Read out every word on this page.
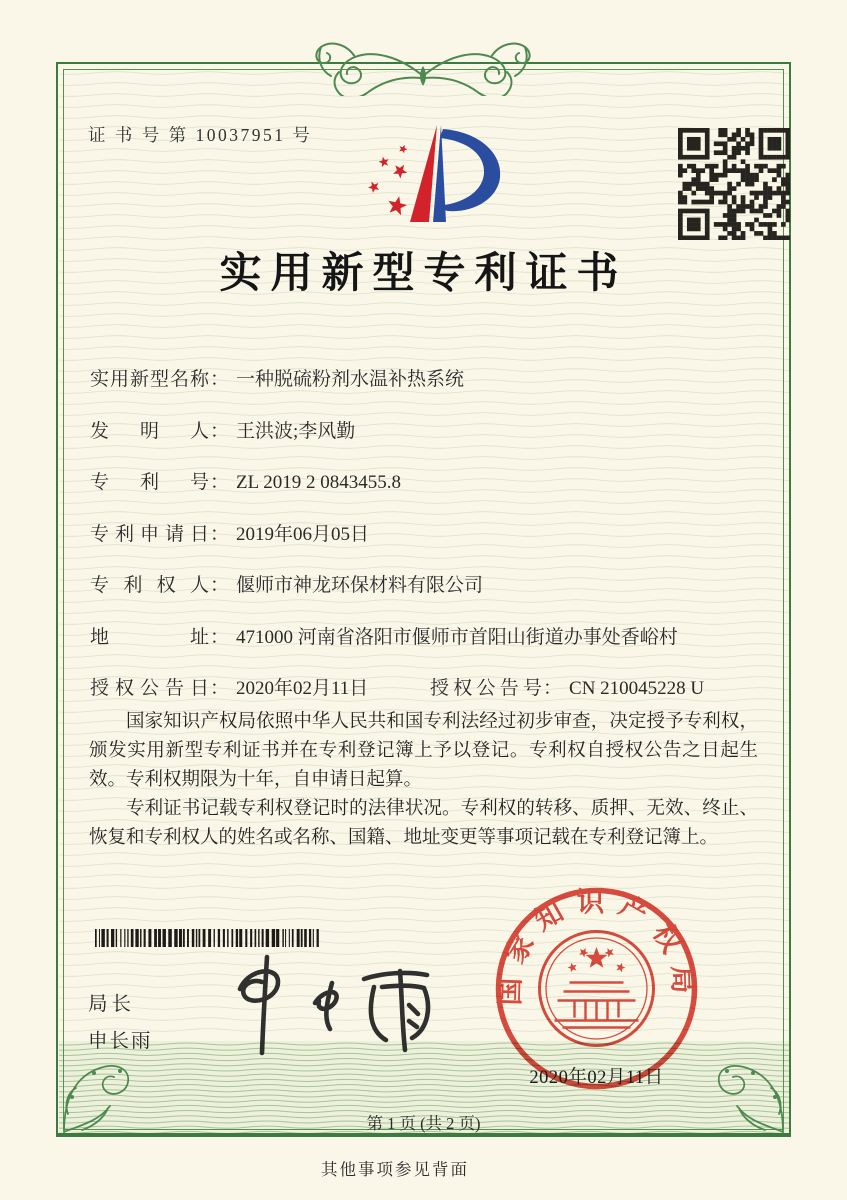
证 书 号 第 10037951 号
实用新型专利证书
实用新型名称 ： 一种脱硫粉剂水温补热系统
发明人 ： 王洪波;李风勤
专利号 ： ZL 2019 2 0843455.8
专利申请日 ： 2019年06月05日
专利权人 ： 偃师市神龙环保材料有限公司
地址 ： 471000 河南省洛阳市偃师市首阳山街道办事处香峪村
授权公告日 ： 2020年02月11日	授权公告号 ： CN 210045228 U

国家知识产权局依照中华人民共和国专利法经过初步审查，决定授予专利权，颁发实用新型专利证书并在专利登记簿上予以登记。专利权自授权公告之日起生效。专利权期限为十年，自申请日起算。

专利证书记载专利权登记时的法律状况。专利权的转移、质押、无效、终止、恢复和专利权人的姓名或名称、国籍、地址变更等事项记载在专利登记簿上。

局长
申长雨
国家知识产权局
2020年02月11日
第 1 页 (共 2 页)
其他事项参见背面
